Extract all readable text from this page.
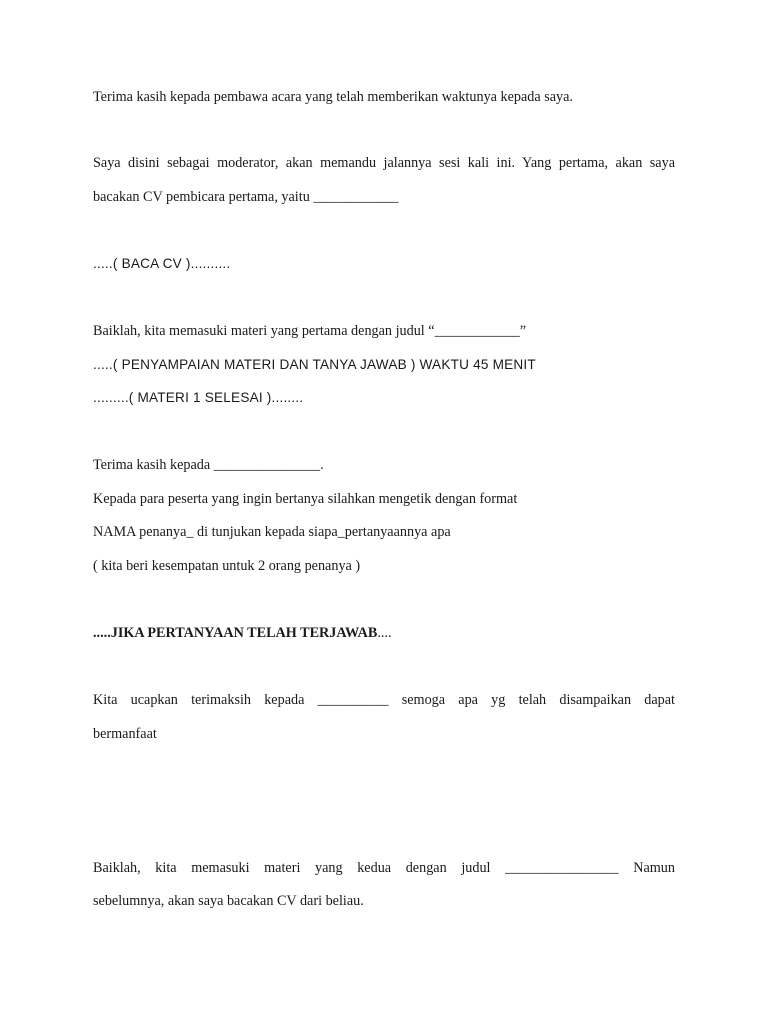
Terima kasih kepada pembawa acara yang telah memberikan waktunya kepada saya.
Saya disini sebagai moderator, akan memandu jalannya sesi kali ini. Yang pertama, akan saya
bacakan CV pembicara pertama, yaitu ____________
.....( BACA CV )..........
Baiklah, kita memasuki materi yang pertama dengan judul “____________”
.....( PENYAMPAIAN MATERI DAN TANYA JAWAB ) WAKTU 45 MENIT
.........( MATERI 1 SELESAI )........
Terima kasih kepada _______________.
Kepada para peserta yang ingin bertanya silahkan mengetik dengan format
NAMA penanya_ di tunjukan kepada siapa_pertanyaannya apa
( kita beri kesempatan untuk 2 orang penanya )
.....JIKA PERTANYAAN TELAH TERJAWAB....
Kita ucapkan terimaksih kepada __________ semoga apa yg telah disampaikan dapat
bermanfaat
Baiklah, kita memasuki materi yang kedua dengan judul ________________ Namun
sebelumnya, akan saya bacakan CV dari beliau.
